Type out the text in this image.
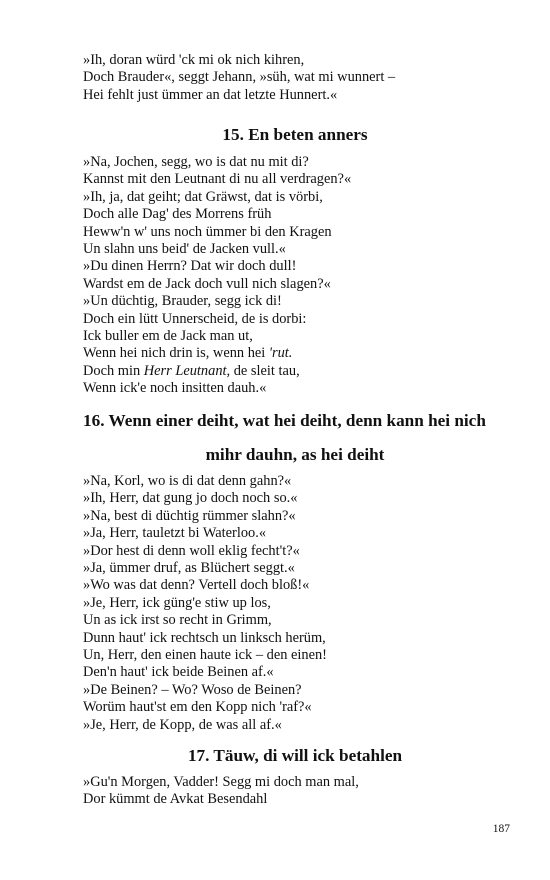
»Ih, doran würd 'ck mi ok nich kihren,
Doch Brauder«, seggt Jehann, »süh, wat mi wunnert –
Hei fehlt just ümmer an dat letzte Hunnert.«
15. En beten anners
»Na, Jochen, segg, wo is dat nu mit di?
Kannst mit den Leutnant di nu all verdragen?«
»Ih, ja, dat geiht; dat Gräwst, dat is vörbi,
Doch alle Dag' des Morrens früh
Heww'n w' uns noch ümmer bi den Kragen
Un slahn uns beid' de Jacken vull.«
»Du dinen Herrn? Dat wir doch dull!
Wardst em de Jack doch vull nich slagen?«
»Un düchtig, Brauder, segg ick di!
Doch ein lütt Unnerscheid, de is dorbi:
Ick buller em de Jack man ut,
Wenn hei nich drin is, wenn hei 'rut.
Doch min Herr Leutnant, de sleit tau,
Wenn ick'e noch insitten dauh.«
16. Wenn einer deiht, wat hei deiht, denn kann hei nich
mihr dauhn, as hei deiht
»Na, Korl, wo is di dat denn gahn?«
»Ih, Herr, dat gung jo doch noch so.«
»Na, best di düchtig rümmer slahn?«
»Ja, Herr, tauletzt bi Waterloo.«
»Dor hest di denn woll eklig fecht't?«
»Ja, ümmer druf, as Blüchert seggt.«
»Wo was dat denn? Vertell doch bloß!«
»Je, Herr, ick güng'e stiw up los,
Un as ick irst so recht in Grimm,
Dunn haut' ick rechtsch un linksch herüm,
Un, Herr, den einen haute ick – den einen!
Den'n haut' ick beide Beinen af.«
»De Beinen? – Wo? Woso de Beinen?
Worüm haut'st em den Kopp nich 'raf?«
»Je, Herr, de Kopp, de was all af.«
17. Täuw, di will ick betahlen
»Gu'n Morgen, Vadder! Segg mi doch man mal,
Dor kümmt de Avkat Besendahl
187
